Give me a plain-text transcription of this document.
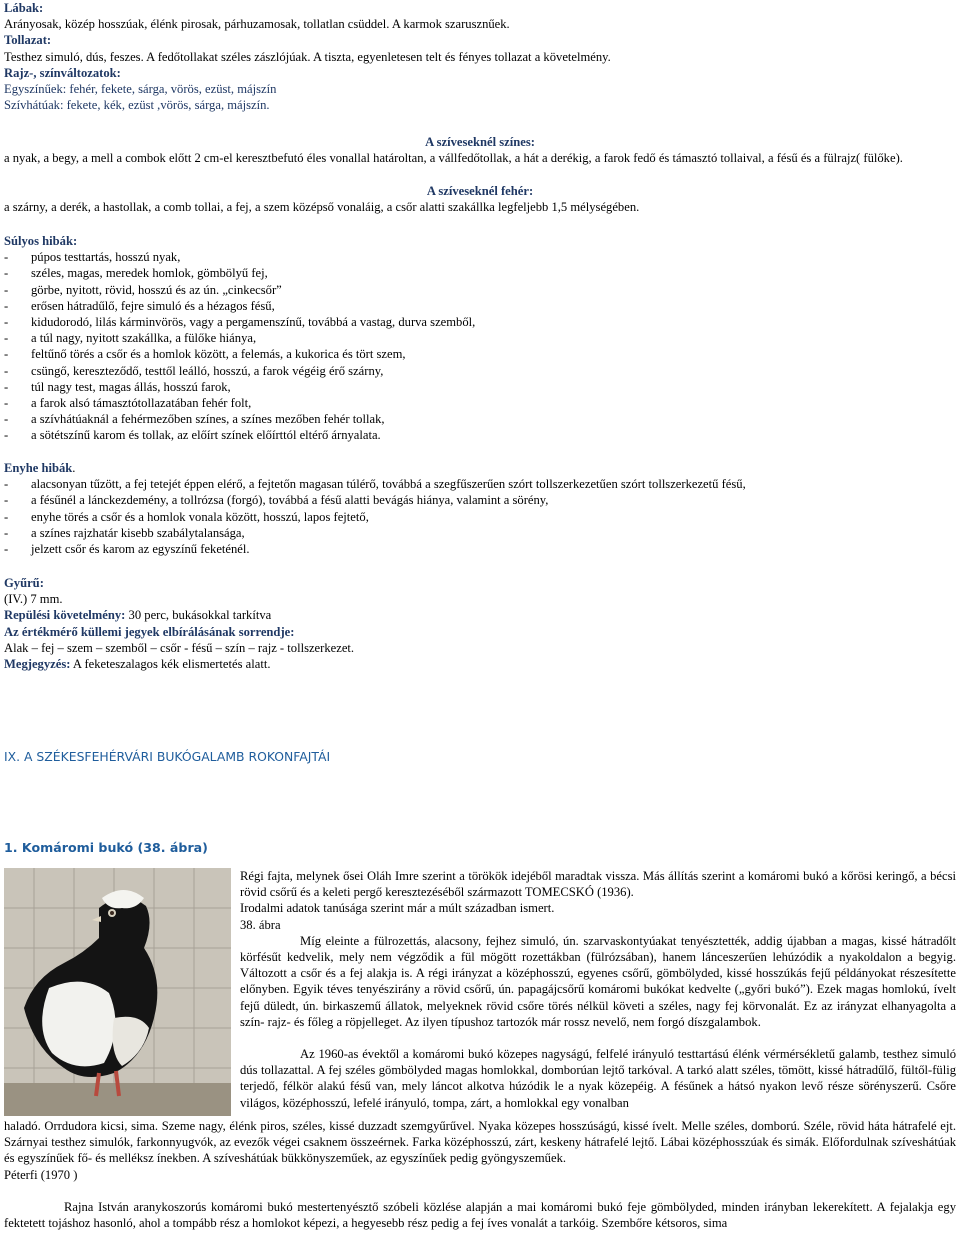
Lábak:
Arányosak, közép hosszúak, élénk pirosak, párhuzamosak, tollatlan csüddel. A karmok szarusznűek.
Tollazat:
Testhez simuló, dús, feszes. A fedőtollakat széles zászlójúak. A tiszta, egyenletesen telt és fényes tollazat a követelmény.
Rajz-, színváltozatok:
Egyszínűek: fehér, fekete, sárga, vörös, ezüst, májszín
Szívhátúak: fekete, kék, ezüst ,vörös, sárga, májszín.
A szíveseknél színes:
a nyak, a begy, a mell a combok előtt 2 cm-el keresztbefutó éles vonallal határoltan, a vállfedőtollak, a hát a derékig, a farok fedő és támasztó tollaival, a fésű és a fülrajz( fülőke).
A szíveseknél fehér:
a szárny, a derék, a hastollak, a comb tollai, a fej, a szem középső vonaláig, a csőr alatti szakállka legfeljebb 1,5 mélységében.
Súlyos hibák:
-	púpos testtartás, hosszú nyak,
-	széles, magas, meredek homlok, gömbölyű fej,
-	görbe, nyitott, rövid, hosszú és az ún. „cinkecsőr”
-	erősen hátradűlő, fejre simuló és a hézagos fésű,
-	kidudorodó, lilás kárminvörös, vagy a pergamenszínű, továbbá a vastag, durva szemből,
-	a túl nagy, nyitott szakállka, a fülőke hiánya,
-	feltűnő törés a csőr és a homlok között, a felemás, a kukorica és tört szem,
-	csüngő, kereszteződő, testtől leálló, hosszú, a farok végéig érő szárny,
-	túl nagy test, magas állás, hosszú farok,
-	a farok alsó támasztótollazatában fehér folt,
-	a szívhátúaknál a fehérmezőben színes, a színes mezőben fehér tollak,
-	a sötétszínű karom és tollak, az előírt színek előírttól eltérő árnyalata.
Enyhe hibák.
-	alacsonyan tűzött, a fej tetejét éppen elérő, a fejtetőn magasan túlérő, továbbá a szegfűszerűen szórt tollszerkezetűen szórt tollszerkezetű fésű,
-	a fésűnél a lánckezdemény, a tollrózsa (forgó), továbbá a fésű alatti bevágás hiánya, valamint a sörény,
-	enyhe törés a csőr és a homlok vonala között, hosszú, lapos fejtető,
-	a színes rajzhatár kisebb szabálytalansága,
-	jelzett csőr és karom az egyszínű feketénél.
Gyűrű:
(IV.) 7 mm.
Repülési követelmény: 30 perc, bukásokkal tarkítva
Az értékmérő küllemi jegyek elbírálásának sorrendje:
Alak – fej – szem – szemből – csőr - fésű – szín – rajz - tollszerkezet.
Megjegyzés: A feketeszalagos kék elismertetés alatt.
IX. A SZÉKESFEHÉRVÁRI BUKÓGALAMB ROKONFAJTÁI
1. Komáromi bukó (38. ábra)
Régi fajta, melynek ősei Oláh Imre szerint a törökök idejéből maradtak vissza. Más állítás szerint a komáromi bukó a kőrösi keringő, a bécsi rövid csőrű és a keleti pergő keresztezéséből származott TOMECSKÓ (1936).
Irodalmi adatok tanúsága szerint már a múlt században ismert.
38. ábra
Míg eleinte a fülrozettás, alacsony, fejhez simuló, ún. szarvaskontyúakat tenyésztették, addig újabban a magas, kissé hátradőlt körfésűt kedvelik, mely nem végződik a fül mögött rozettákban (fülrózsában), hanem lánceszerűen lehúzódik a nyakoldalon a begyig. Változott a csőr és a fej alakja is. A régi irányzat a középhosszú, egyenes csőrű, gömbölyded, kissé hosszúkás fejű példányokat részesítette előnyben. Egyik téves tenyészirány a rövid csőrű, ún. papagájcsőrű komáromi bukókat kedvelte („győri bukó”). Ezek magas homlokú, ívelt fejű düledt, ún. birkaszemű állatok, melyeknek rövid csőre törés nélkül követi a széles, nagy fej körvonalát. Ez az irányzat elhanyagolta a szín- rajz- és főleg a röpjelleget. Az ilyen típushoz tartozók már rossz nevelő, nem forgó díszgalambok.
Az 1960-as évektől a komáromi bukó közepes nagyságú, felfelé irányuló testtartású élénk vérmérsékletű galamb, testhez simuló dús tollazattal. A fej széles gömbölyded magas homlokkal, domborúan lejtő tarkóval. A tarkó alatt széles, tömött, kissé hátradűlő, fültől-fülig terjedő, félkör alakú fésű van, mely láncot alkotva húzódik le a nyak közepéig. A fésűnek a hátsó nyakon levő része sörényszerű. Csőre világos, középhosszú, lefelé irányuló, tompa, zárt, a homlokkal egy vonalban
haladó. Orrdudora kicsi, sima. Szeme nagy, élénk piros, széles, kissé duzzadt szemgyűrűvel. Nyaka közepes hosszúságú, kissé ívelt. Melle széles, domború. Széle, rövid háta hátrafelé ejt. Szárnyai testhez simulók, farkonnyugvók, az evezők végei csaknem összeérnek. Farka középhosszú, zárt, keskeny hátrafelé lejtő. Lábai középhosszúak és simák. Előfordulnak szíveshátúak és egyszínűek fő- és melléksz ínekben. A szíveshátúak bükkönyszeműek, az egyszínűek pedig gyöngyszeműek.
Péterfi (1970 )
Rajna István aranykoszorús komáromi bukó mestertenyésztő szóbeli közlése alapján a mai komáromi bukó feje gömbölyded, minden irányban lekerekített. A fejalakja egy fektetett tojáshoz hasonló, ahol a tompább rész a homlokot képezi, a hegyesebb rész pedig a fej íves vonalát a tarkóig. Szembőre kétsoros, sima
